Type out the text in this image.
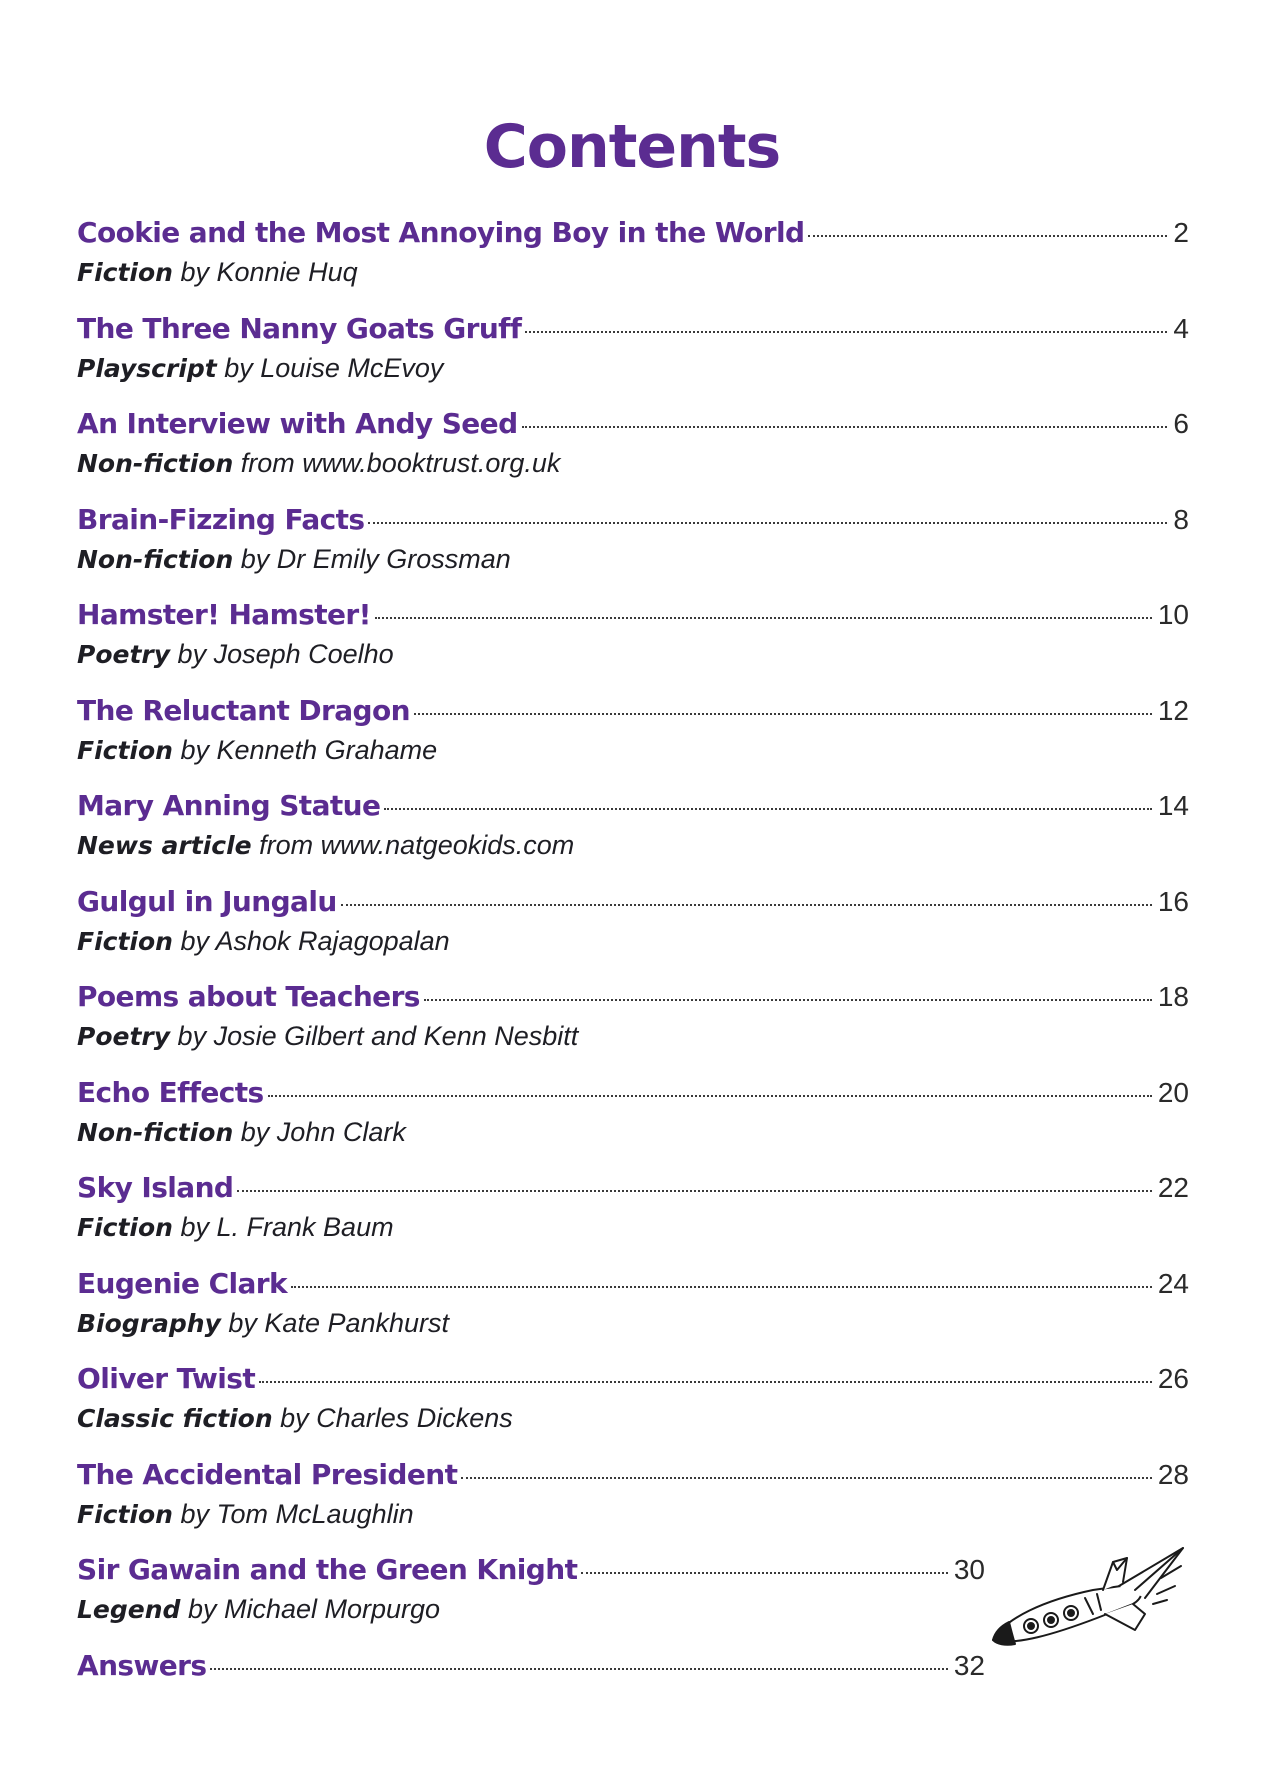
Contents
Cookie and the Most Annoying Boy in the World	2
Fiction by Konnie Huq
The Three Nanny Goats Gruff	4
Playscript by Louise McEvoy
An Interview with Andy Seed	6
Non-fiction from www.booktrust.org.uk
Brain-Fizzing Facts	8
Non-fiction by Dr Emily Grossman
Hamster! Hamster!	10
Poetry by Joseph Coelho
The Reluctant Dragon	12
Fiction by Kenneth Grahame
Mary Anning Statue	14
News article from www.natgeokids.com
Gulgul in Jungalu	16
Fiction by Ashok Rajagopalan
Poems about Teachers	18
Poetry by Josie Gilbert and Kenn Nesbitt
Echo Effects	20
Non-fiction by John Clark
Sky Island	22
Fiction by L. Frank Baum
Eugenie Clark	24
Biography by Kate Pankhurst
Oliver Twist	26
Classic fiction by Charles Dickens
The Accidental President	28
Fiction by Tom McLaughlin
Sir Gawain and the Green Knight	30
Legend by Michael Morpurgo
Answers	32
